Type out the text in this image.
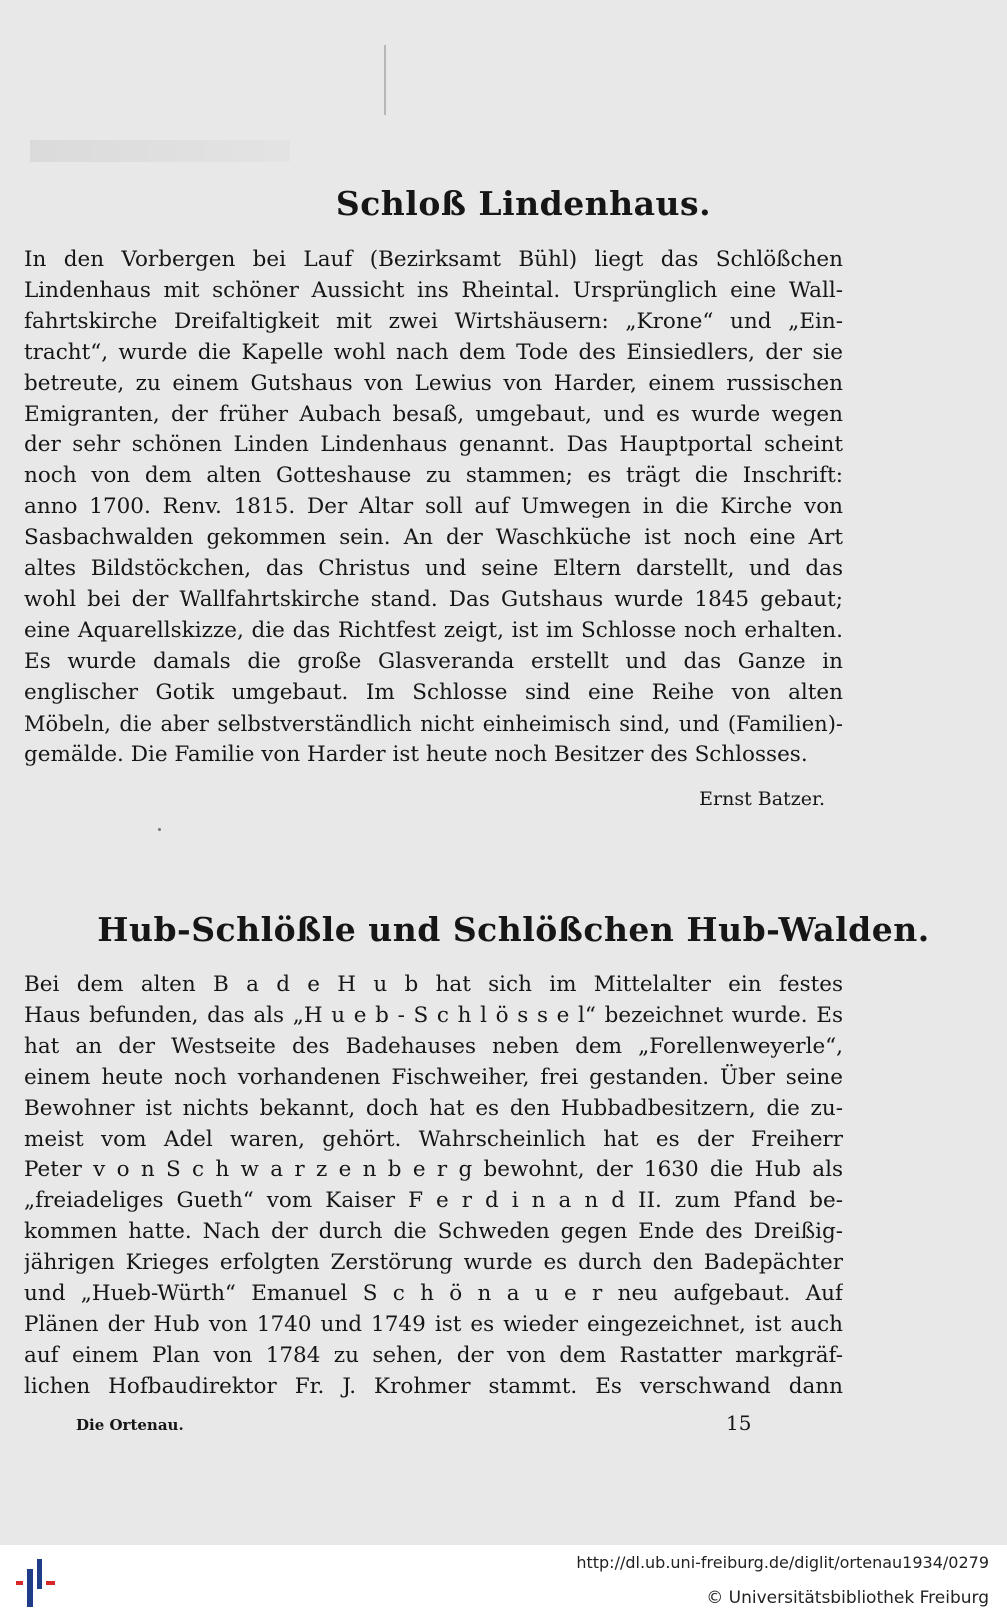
Schloß Lindenhaus.
In den Vorbergen bei Lauf (Bezirksamt Bühl) liegt das Schlößchen
Lindenhaus mit schöner Aussicht ins Rheintal. Ursprünglich eine Wall-
fahrtskirche Dreifaltigkeit mit zwei Wirtshäusern: „Krone“ und „Ein-
tracht“, wurde die Kapelle wohl nach dem Tode des Einsiedlers, der sie
betreute, zu einem Gutshaus von Lewius von Harder, einem russischen
Emigranten, der früher Aubach besaß, umgebaut, und es wurde wegen
der sehr schönen Linden Lindenhaus genannt. Das Hauptportal scheint
noch von dem alten Gotteshause zu stammen; es trägt die Inschrift:
anno 1700. Renv. 1815. Der Altar soll auf Umwegen in die Kirche von
Sasbachwalden gekommen sein. An der Waschküche ist noch eine Art
altes Bildstöckchen, das Christus und seine Eltern darstellt, und das
wohl bei der Wallfahrtskirche stand. Das Gutshaus wurde 1845 gebaut;
eine Aquarellskizze, die das Richtfest zeigt, ist im Schlosse noch erhalten.
Es wurde damals die große Glasveranda erstellt und das Ganze in
englischer Gotik umgebaut. Im Schlosse sind eine Reihe von alten
Möbeln, die aber selbstverständlich nicht einheimisch sind, und (Familien)-
gemälde. Die Familie von Harder ist heute noch Besitzer des Schlosses.
Ernst Batzer.
Hub-Schlößle und Schlößchen Hub-Walden.
Bei dem alten B a d e H u b hat sich im Mittelalter ein festes
Haus befunden, das als „H u e b - S c h l ö s s e l“ bezeichnet wurde. Es
hat an der Westseite des Badehauses neben dem „Forellenweyerle“,
einem heute noch vorhandenen Fischweiher, frei gestanden. Über seine
Bewohner ist nichts bekannt, doch hat es den Hubbadbesitzern, die zu-
meist vom Adel waren, gehört. Wahrscheinlich hat es der Freiherr
Peter v o n S c h w a r z e n b e r g bewohnt, der 1630 die Hub als
„freiadeliges Gueth“ vom Kaiser F e r d i n a n d II. zum Pfand be-
kommen hatte. Nach der durch die Schweden gegen Ende des Dreißig-
jährigen Krieges erfolgten Zerstörung wurde es durch den Badepächter
und „Hueb-Würth“ Emanuel S c h ö n a u e r neu aufgebaut. Auf
Plänen der Hub von 1740 und 1749 ist es wieder eingezeichnet, ist auch
auf einem Plan von 1784 zu sehen, der von dem Rastatter markgräf-
lichen Hofbaudirektor Fr. J. Krohmer stammt. Es verschwand dann
Die Ortenau.	15
http://dl.ub.uni-freiburg.de/diglit/ortenau1934/0279
© Universitätsbibliothek Freiburg
